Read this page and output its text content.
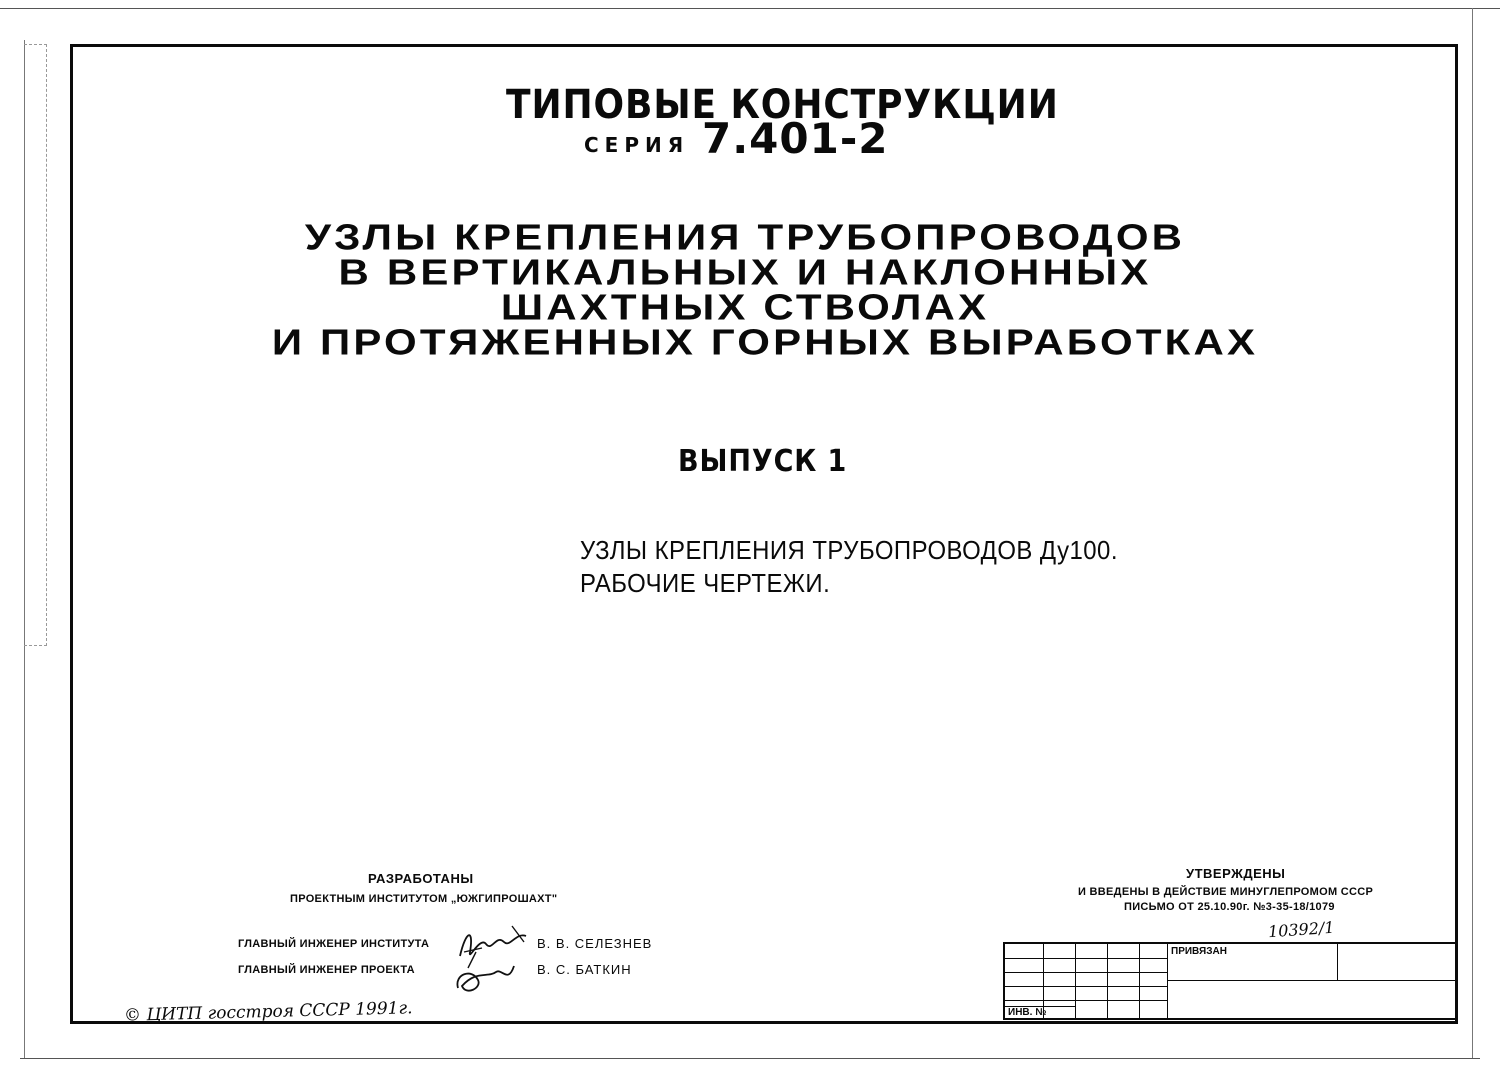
ТИПОВЫЕ КОНСТРУКЦИИ
СЕРИЯ 7.401-2
УЗЛЫ КРЕПЛЕНИЯ ТРУБОПРОВОДОВ
В ВЕРТИКАЛЬНЫХ И НАКЛОННЫХ
ШАХТНЫХ СТВОЛАХ
И ПРОТЯЖЕННЫХ ГОРНЫХ ВЫРАБОТКАХ
ВЫПУСК 1
УЗЛЫ КРЕПЛЕНИЯ ТРУБОПРОВОДОВ Ду100.
РАБОЧИЕ ЧЕРТЕЖИ.
РАЗРАБОТАНЫ
ПРОЕКТНЫМ ИНСТИТУТОМ „ЮЖГИПРОШАХТ"
ГЛАВНЫЙ ИНЖЕНЕР ИНСТИТУТА	В. В. СЕЛЕЗНЕВ
ГЛАВНЫЙ ИНЖЕНЕР ПРОЕКТА	В. С. БАТКИН
УТВЕРЖДЕНЫ
И ВВЕДЕНЫ В ДЕЙСТВИЕ МИНУГЛЕПРОМОМ СССР
ПИСЬМО ОТ 25.10.90г. №3-35-18/1079
10392/1
© ЦИТП госстроя СССР 1991г.
ПРИВЯЗАН
ИНВ. №
